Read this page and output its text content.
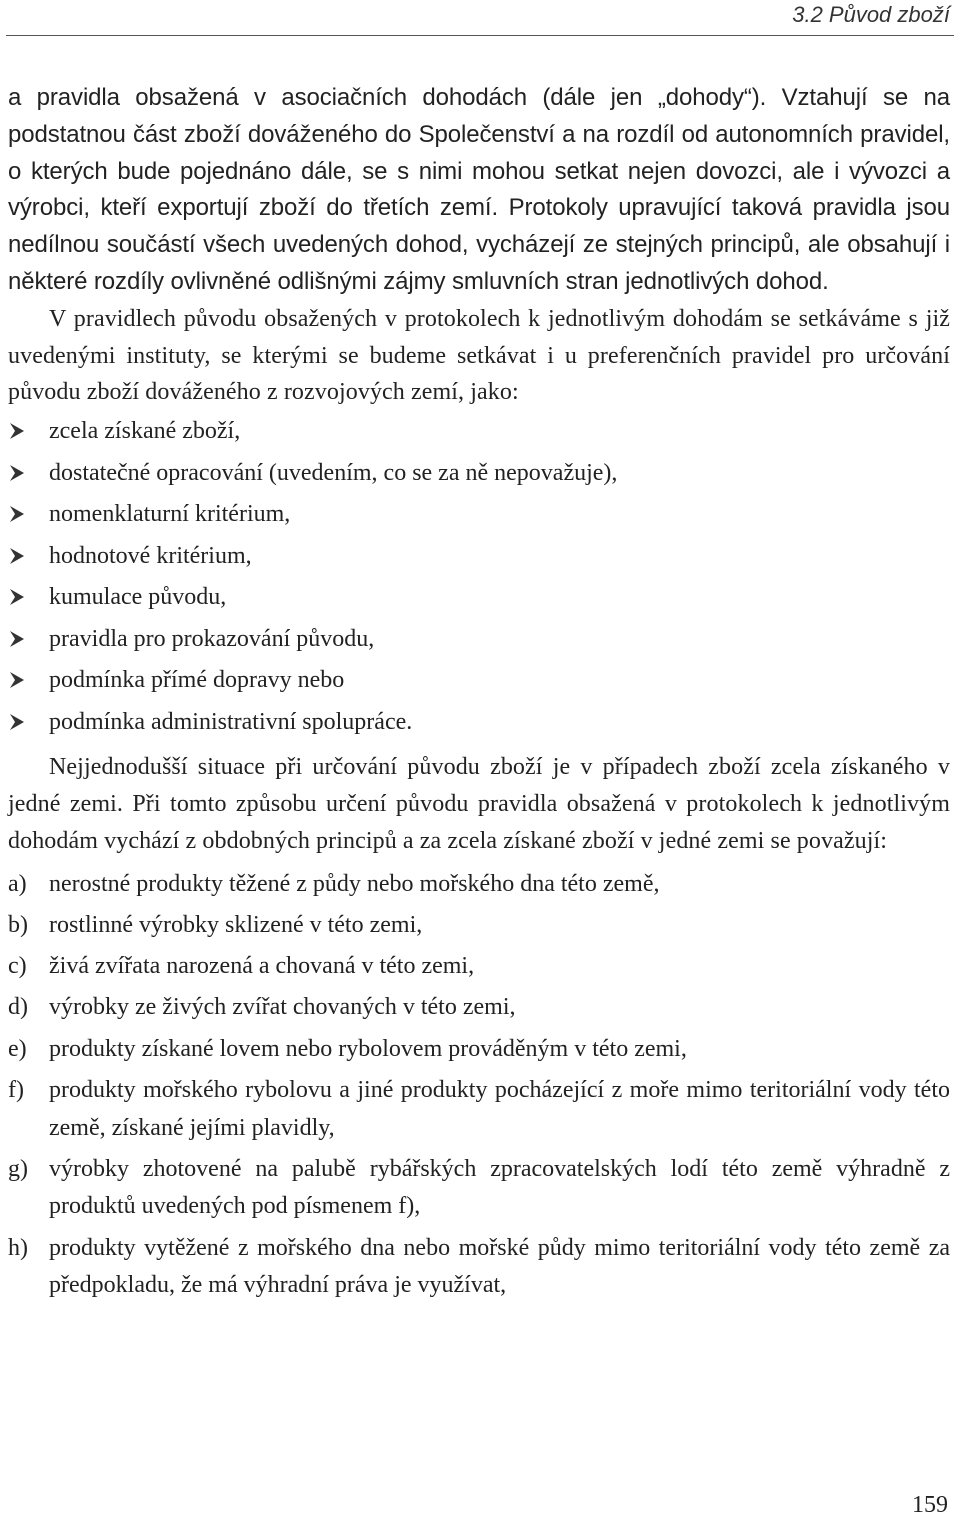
3.2 Původ zboží

a pravidla obsažená v asociačních dohodách (dále jen „dohody“). Vztahují se na podstatnou část zboží dováženého do Společenství a na rozdíl od autonomních pravidel, o kterých bude pojednáno dále, se s nimi mohou setkat nejen dovozci, ale i vývozci a výrobci, kteří exportují zboží do třetích zemí. Protokoly upravující taková pravidla jsou nedílnou součástí všech uvedených dohod, vycházejí ze stejných principů, ale obsahují i některé rozdíly ovlivněné odlišnými zájmy smluvních stran jednotlivých dohod.

V pravidlech původu obsažených v protokolech k jednotlivým dohodám se setkáváme s již uvedenými instituty, se kterými se budeme setkávat i u preferenčních pravidel pro určování původu zboží dováženého z rozvojových zemí, jako:

zcela získané zboží,
dostatečné opracování (uvedením, co se za ně nepovažuje),
nomenklaturní kritérium,
hodnotové kritérium,
kumulace původu,
pravidla pro prokazování původu,
podmínka přímé dopravy nebo
podmínka administrativní spolupráce.

Nejjednodušší situace při určování původu zboží je v případech zboží zcela získaného v jedné zemi. Při tomto způsobu určení původu pravidla obsažená v protokolech k jednotlivým dohodám vychází z obdobných principů a za zcela získané zboží v jedné zemi se považují:

a) nerostné produkty těžené z půdy nebo mořského dna této země,
b) rostlinné výrobky sklizené v této zemi,
c) živá zvířata narozená a chovaná v této zemi,
d) výrobky ze živých zvířat chovaných v této zemi,
e) produkty získané lovem nebo rybolovem prováděným v této zemi,
f) produkty mořského rybolovu a jiné produkty pocházející z moře mimo teritoriální vody této země, získané jejími plavidly,
g) výrobky zhotovené na palubě rybářských zpracovatelských lodí této země výhradně z produktů uvedených pod písmenem f),
h) produkty vytěžené z mořského dna nebo mořské půdy mimo teritoriální vody této země za předpokladu, že má výhradní práva je využívat,
159
